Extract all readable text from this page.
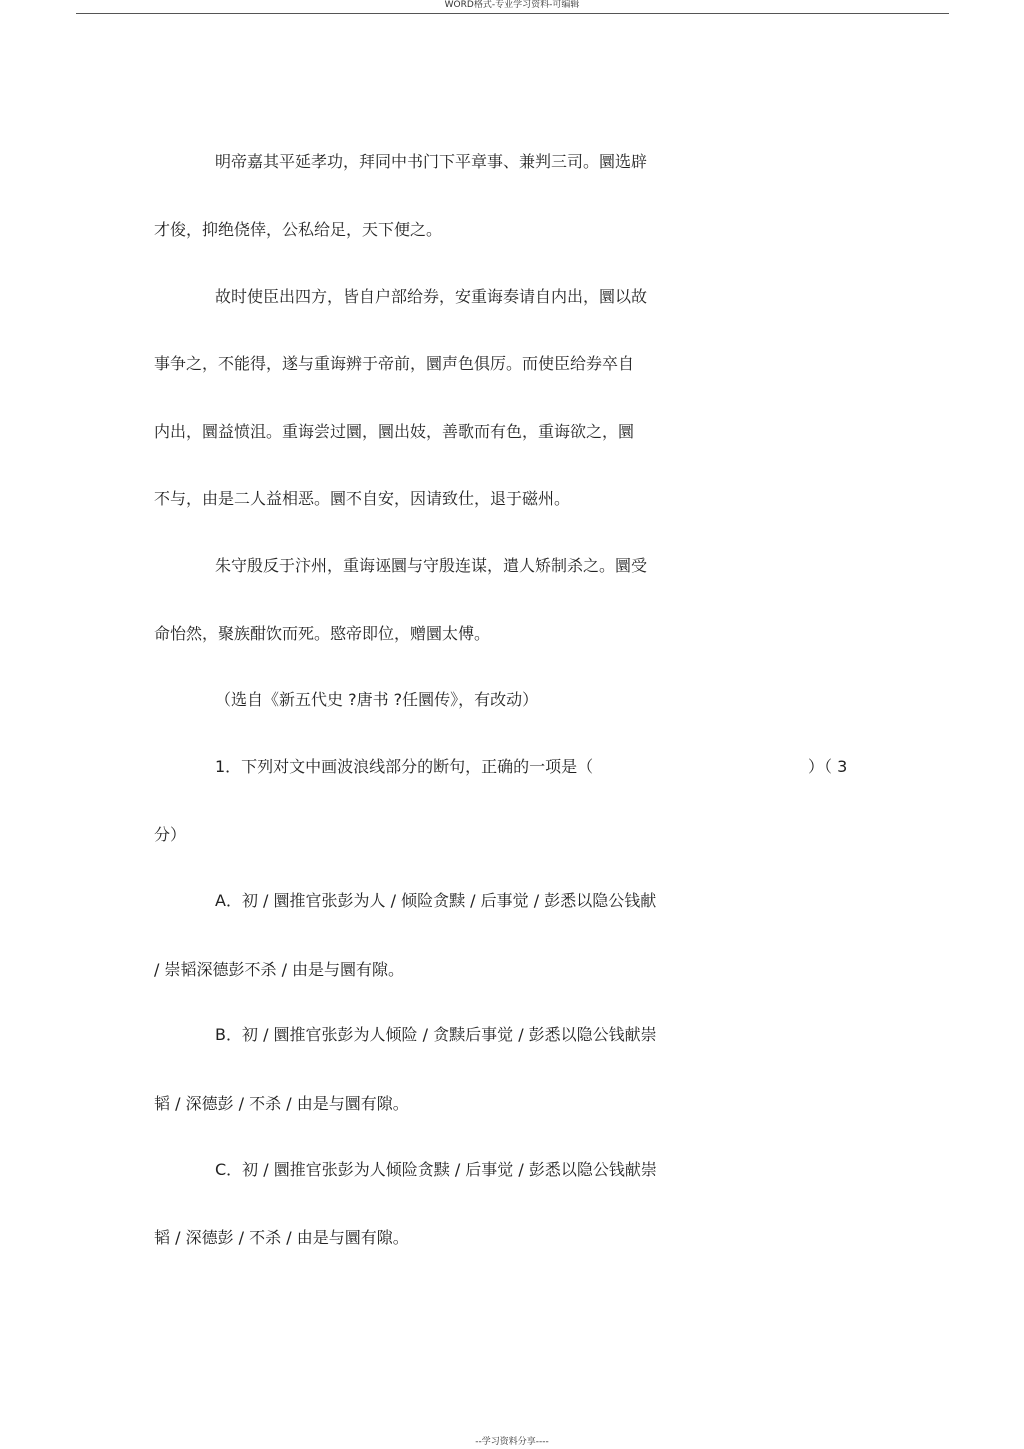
WORD格式-专业学习资料-可编辑
明帝嘉其平延孝功，拜同中书门下平章事、兼判三司。圜选辟
才俊，抑绝侥倖，公私给足，天下便之。
故时使臣出四方，皆自户部给券，安重诲奏请自内出，圜以故
事争之，不能得，遂与重诲辨于帝前，圜声色俱厉。而使臣给券卒自
内出，圜益愤沮。重诲尝过圜，圜出妓，善歌而有色，重诲欲之，圜
不与，由是二人益相恶。圜不自安，因请致仕，退于磁州。
朱守殷反于汴州，重诲诬圜与守殷连谋，遣人矫制杀之。圜受
命怡然，聚族酣饮而死。愍帝即位，赠圜太傅。
（选自《新五代史 ?唐书 ?任圜传》，有改动）
1．下列对文中画波浪线部分的断句，正确的一项是（	）（ 3
分）
A．初 / 圜推官张彭为人 / 倾险贪黩 / 后事觉 / 彭悉以隐公钱献
/ 崇韬深德彭不杀 / 由是与圜有隙。
B．初 / 圜推官张彭为人倾险 / 贪黩后事觉 / 彭悉以隐公钱献崇
韬 / 深德彭 / 不杀 / 由是与圜有隙。
C．初 / 圜推官张彭为人倾险贪黩 / 后事觉 / 彭悉以隐公钱献崇
韬 / 深德彭 / 不杀 / 由是与圜有隙。
--学习资料分享----
